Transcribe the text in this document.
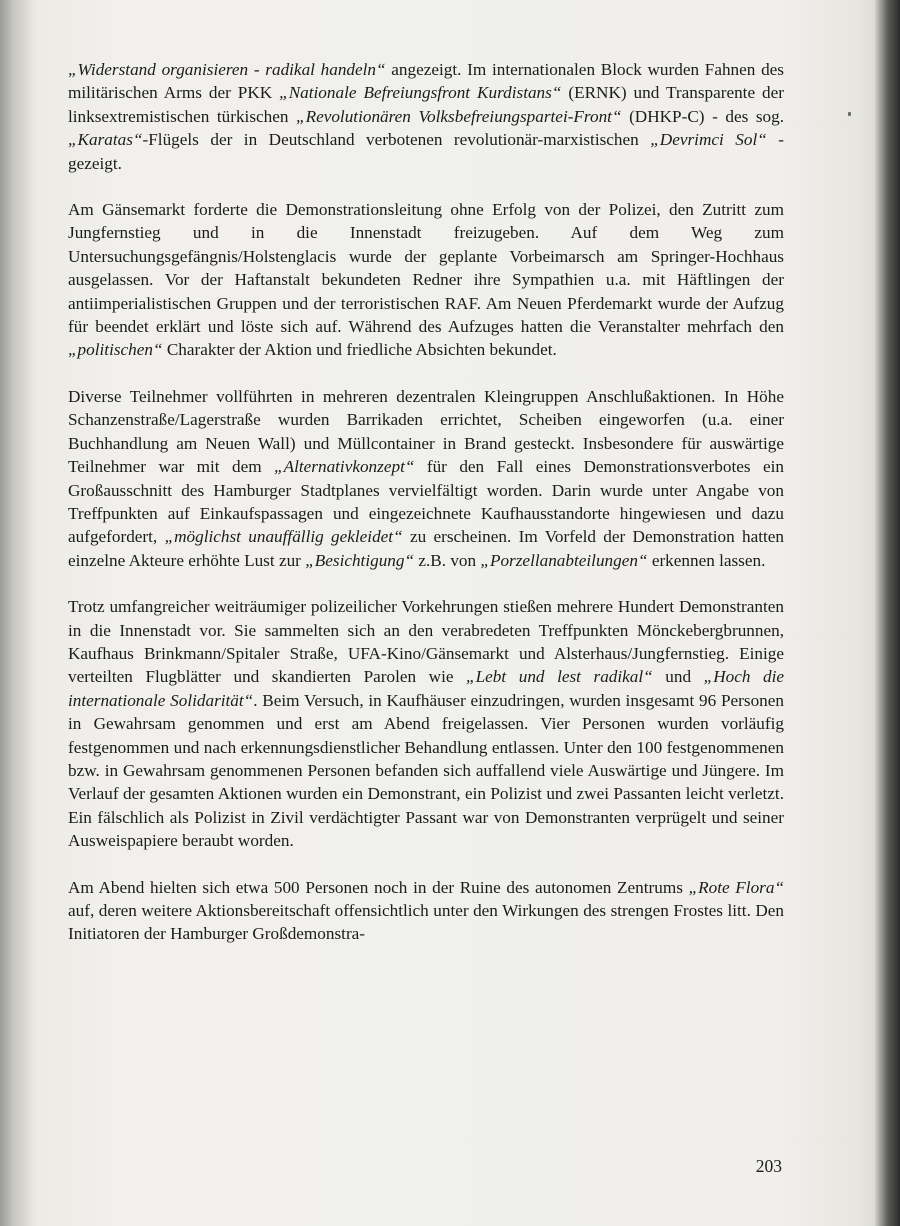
„Widerstand organisieren - radikal handeln“ angezeigt. Im internationalen Block wurden Fahnen des militärischen Arms der PKK „Nationale Befreiungsfront Kurdistans“ (ERNK) und Transparente der linksextremistischen türkischen „Revolutionären Volksbefreiungspartei-Front“ (DHKP-C) - des sog. „Karatas“-Flügels der in Deutschland verbotenen revolutionär-marxistischen „Devrimci Sol“ - gezeigt.

Am Gänsemarkt forderte die Demonstrationsleitung ohne Erfolg von der Polizei, den Zutritt zum Jungfernstieg und in die Innenstadt freizugeben. Auf dem Weg zum Untersuchungsgefängnis/Holstenglacis wurde der geplante Vorbeimarsch am Springer-Hochhaus ausgelassen. Vor der Haftanstalt bekundeten Redner ihre Sympathien u.a. mit Häftlingen der antiimperialistischen Gruppen und der terroristischen RAF. Am Neuen Pferdemarkt wurde der Aufzug für beendet erklärt und löste sich auf. Während des Aufzuges hatten die Veranstalter mehrfach den „politischen“ Charakter der Aktion und friedliche Absichten bekundet.

Diverse Teilnehmer vollführten in mehreren dezentralen Kleingruppen Anschlußaktionen. In Höhe Schanzenstraße/Lagerstraße wurden Barrikaden errichtet, Scheiben eingeworfen (u.a. einer Buchhandlung am Neuen Wall) und Müllcontainer in Brand gesteckt. Insbesondere für auswärtige Teilnehmer war mit dem „Alternativkonzept“ für den Fall eines Demonstrationsverbotes ein Großausschnitt des Hamburger Stadtplanes vervielfältigt worden. Darin wurde unter Angabe von Treffpunkten auf Einkaufspassagen und eingezeichnete Kaufhausstandorte hingewiesen und dazu aufgefordert, „möglichst unauffällig gekleidet“ zu erscheinen. Im Vorfeld der Demonstration hatten einzelne Akteure erhöhte Lust zur „Besichtigung“ z.B. von „Porzellanabteilungen“ erkennen lassen.

Trotz umfangreicher weiträumiger polizeilicher Vorkehrungen stießen mehrere Hundert Demonstranten in die Innenstadt vor. Sie sammelten sich an den verabredeten Treffpunkten Mönckebergbrunnen, Kaufhaus Brinkmann/Spitaler Straße, UFA-Kino/Gänsemarkt und Alsterhaus/Jungfernstieg. Einige verteilten Flugblätter und skandierten Parolen wie „Lebt und lest radikal“ und „Hoch die internationale Solidarität“. Beim Versuch, in Kaufhäuser einzudringen, wurden insgesamt 96 Personen in Gewahrsam genommen und erst am Abend freigelassen. Vier Personen wurden vorläufig festgenommen und nach erkennungsdienstlicher Behandlung entlassen. Unter den 100 festgenommenen bzw. in Gewahrsam genommenen Personen befanden sich auffallend viele Auswärtige und Jüngere. Im Verlauf der gesamten Aktionen wurden ein Demonstrant, ein Polizist und zwei Passanten leicht verletzt. Ein fälschlich als Polizist in Zivil verdächtigter Passant war von Demonstranten verprügelt und seiner Ausweispapiere beraubt worden.

Am Abend hielten sich etwa 500 Personen noch in der Ruine des autonomen Zentrums „Rote Flora“ auf, deren weitere Aktionsbereitschaft offensichtlich unter den Wirkungen des strengen Frostes litt. Den Initiatoren der Hamburger Großdemonstra-

203
